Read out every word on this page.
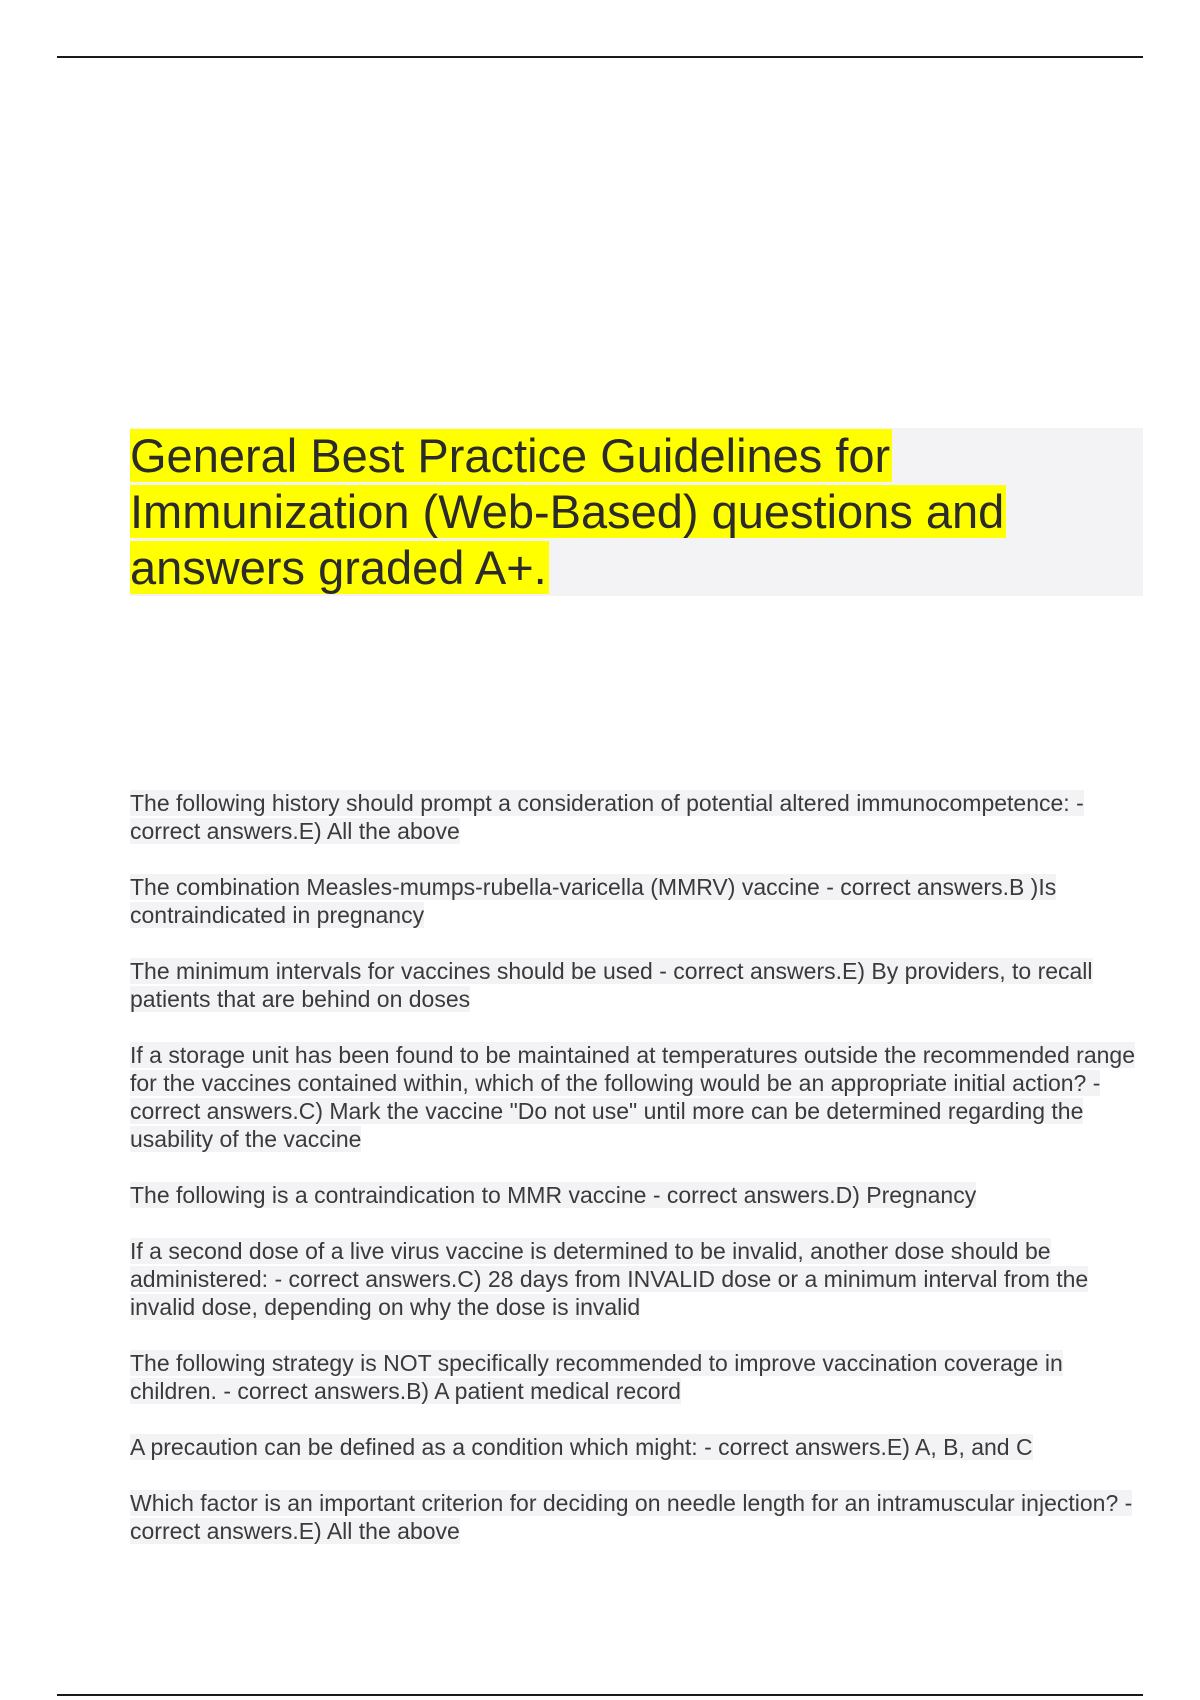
General Best Practice Guidelines for Immunization (Web-Based) questions and answers graded A+.

The following history should prompt a consideration of potential altered immunocompetence: - correct answers.E) All the above

The combination Measles-mumps-rubella-varicella (MMRV) vaccine - correct answers.B )Is contraindicated in pregnancy

The minimum intervals for vaccines should be used - correct answers.E) By providers, to recall patients that are behind on doses

If a storage unit has been found to be maintained at temperatures outside the recommended range for the vaccines contained within, which of the following would be an appropriate initial action? - correct answers.C) Mark the vaccine "Do not use" until more can be determined regarding the usability of the vaccine

The following is a contraindication to MMR vaccine - correct answers.D) Pregnancy

If a second dose of a live virus vaccine is determined to be invalid, another dose should be administered: - correct answers.C) 28 days from INVALID dose or a minimum interval from the invalid dose, depending on why the dose is invalid

The following strategy is NOT specifically recommended to improve vaccination coverage in children. - correct answers.B) A patient medical record

A precaution can be defined as a condition which might: - correct answers.E) A, B, and C

Which factor is an important criterion for deciding on needle length for an intramuscular injection? - correct answers.E) All the above
